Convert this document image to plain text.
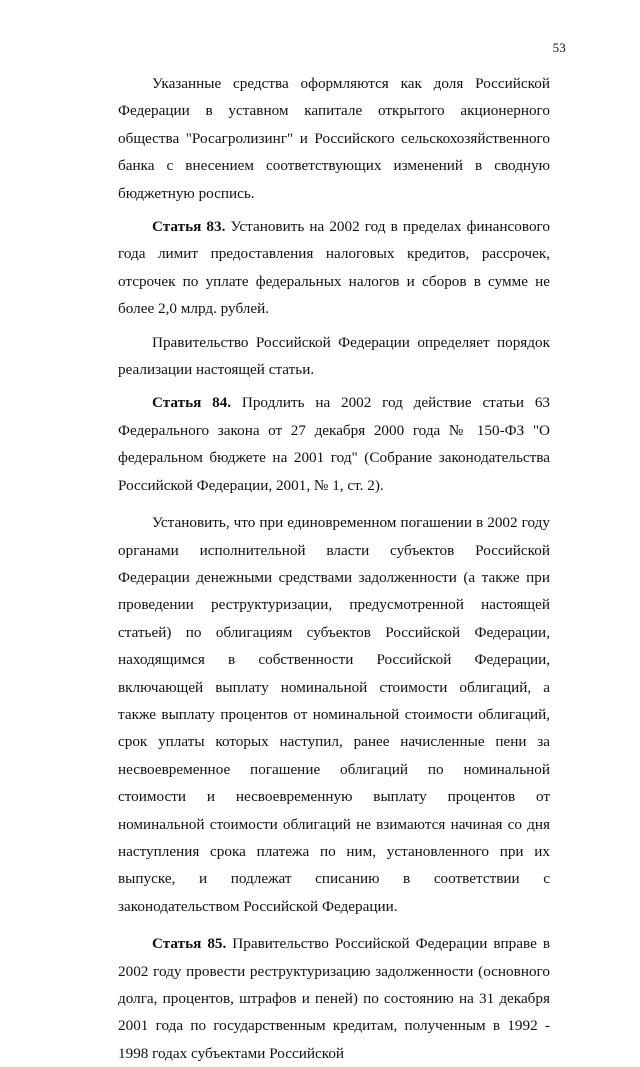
53

Указанные средства оформляются как доля Российской Федерации в уставном капитале открытого акционерного общества "Росагролизинг" и Российского сельскохозяйственного банка с внесением соответствующих изменений в сводную бюджетную роспись.

Статья 83. Установить на 2002 год в пределах финансового года лимит предоставления налоговых кредитов, рассрочек, отсрочек по уплате федеральных налогов и сборов в сумме не более 2,0 млрд. рублей.

Правительство Российской Федерации определяет порядок реализации настоящей статьи.

Статья 84. Продлить на 2002 год действие статьи 63 Федерального закона от 27 декабря 2000 года № 150-ФЗ "О федеральном бюджете на 2001 год" (Собрание законодательства Российской Федерации, 2001, № 1, ст. 2).

Установить, что при единовременном погашении в 2002 году органами исполнительной власти субъектов Российской Федерации денежными средствами задолженности (а также при проведении реструктуризации, предусмотренной настоящей статьей) по облигациям субъектов Российской Федерации, находящимся в собственности Российской Федерации, включающей выплату номинальной стоимости облигаций, а также выплату процентов от номинальной стоимости облигаций, срок уплаты которых наступил, ранее начисленные пени за несвоевременное погашение облигаций по номинальной стоимости и несвоевременную выплату процентов от номинальной стоимости облигаций не взимаются начиная со дня наступления срока платежа по ним, установленного при их выпуске, и подлежат списанию в соответствии с законодательством Российской Федерации.

Статья 85. Правительство Российской Федерации вправе в 2002 году провести реструктуризацию задолженности (основного долга, процентов, штрафов и пеней) по состоянию на 31 декабря 2001 года по государственным кредитам, полученным в 1992 - 1998 годах субъектами Российской
